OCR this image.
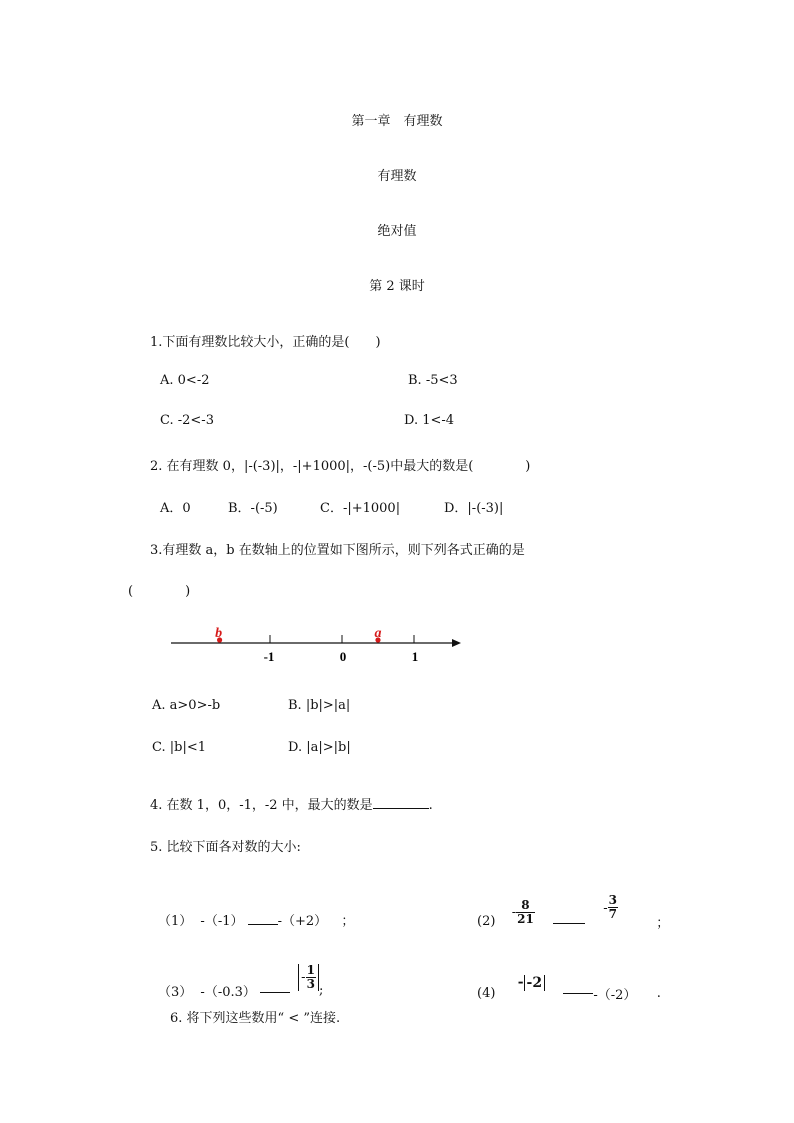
第一章　有理数
有理数
绝对值
第 2 课时
1.下面有理数比较大小，正确的是(　　)
A. 0<-2	B. -5<3
C. -2<-3	D. 1<-4
2. 在有理数 0，|-(-3)|，-|+1000|，-(-5)中最大的数是(　　　　)
A．0	B．-(-5)	C．-|+1000|	D．|-(-3)|
3.有理数 a，b 在数轴上的位置如下图所示，则下列各式正确的是
(　　　　)
-1	0	1
b	a
A. a>0>-b	B. |b|>|a|
C. |b|<1	D. |a|>|b|
4. 在数 1，0，-1，-2 中，最大的数是	.
5. 比较下面各对数的大小:
（1） -（-1）	-（+2） ；	$(2) - \frac{8}{21}$	- $\frac{3}{7}$
；
（3） $-(-0.3) - \frac{1}{3}$ ;	(4)  - -2  -（-2） .
6. 将下列这些数用“ < ”连接.
